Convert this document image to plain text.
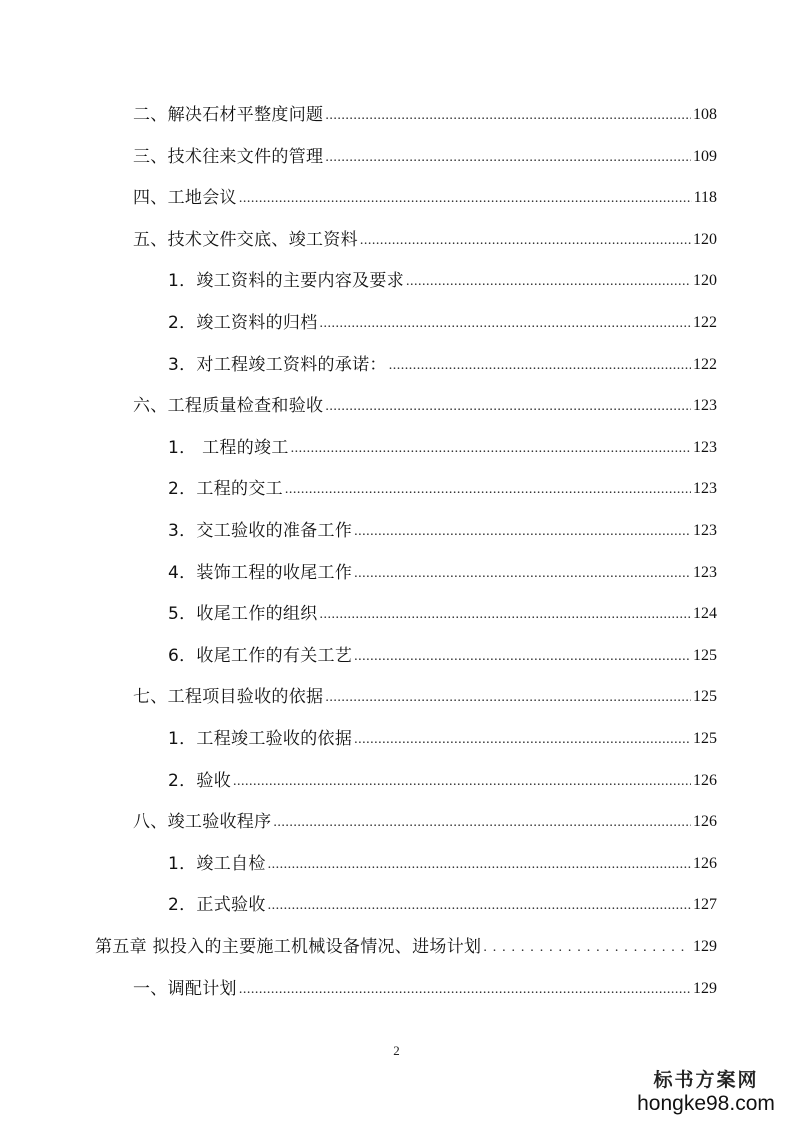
二、解决石材平整度问题 .....	108
三、技术往来文件的管理 .....	109
四、工地会议 .....	118
五、技术文件交底、竣工资料 .....	120
1．竣工资料的主要内容及要求 .....	120
2．竣工资料的归档 .....	122
3．对工程竣工资料的承诺： .....	122
六、工程质量检查和验收 .....	123
1． 工程的竣工 .....	123
2．工程的交工 .....	123
3．交工验收的准备工作 .....	123
4．装饰工程的收尾工作 .....	123
5．收尾工作的组织 .....	124
6．收尾工作的有关工艺 .....	125
七、工程项目验收的依据 .....	125
1．工程竣工验收的依据 .....	125
2．验收 .....	126
八、竣工验收程序 .....	126
1．竣工自检 .....	126
2．正式验收 .....	127
第五章 拟投入的主要施工机械设备情况、进场计划 . . .	129
一、调配计划 .....	129
2
标书方案网
hongke98.com
